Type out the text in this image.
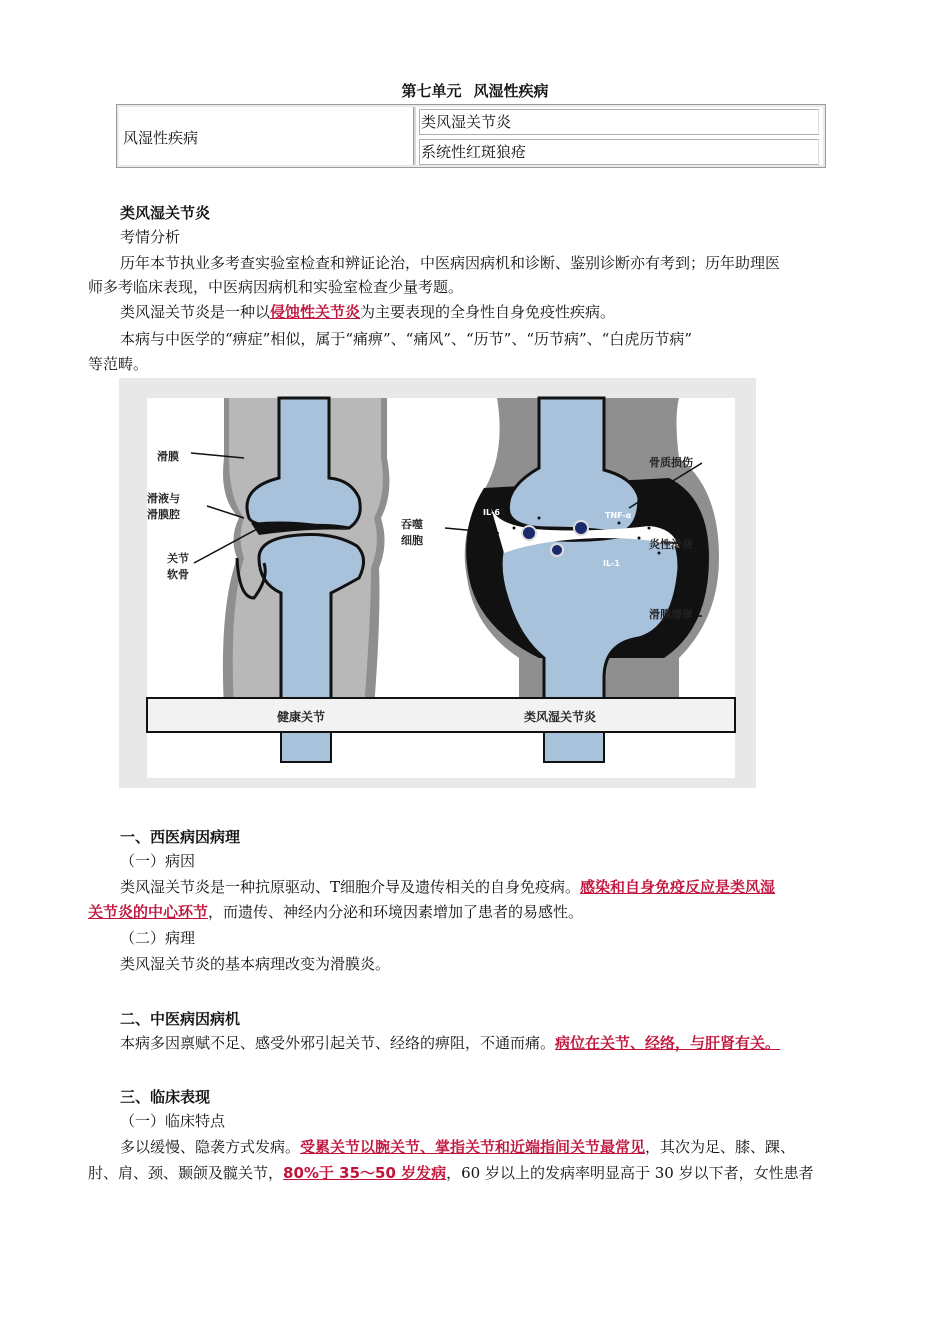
第七单元 风湿性疾病
风湿性疾病
类风湿关节炎
系统性红斑狼疮
类风湿关节炎
考情分析
历年本节执业多考查实验室检查和辨证论治，中医病因病机和诊断、鉴别诊断亦有考到；历年助理医
师多考临床表现，中医病因病机和实验室检查少量考题。
类风湿关节炎是一种以侵蚀性关节炎为主要表现的全身性自身免疫性疾病。
本病与中医学的“痹症”相似，属于“痛痹”、“痛风”、“历节”、“历节病”、“白虎历节病”
等范畴。
滑膜
滑液与
滑膜腔
关节
软骨
吞噬
细胞
骨质损伤
炎性滑液
滑膜增厚
IL-6	TNF-α
IL-1
健康关节	类风湿关节炎
一、西医病因病理
（一）病因
类风湿关节炎是一种抗原驱动、T细胞介导及遗传相关的自身免疫病。感染和自身免疫反应是类风湿
关节炎的中心环节，而遗传、神经内分泌和环境因素增加了患者的易感性。
（二）病理
类风湿关节炎的基本病理改变为滑膜炎。
二、中医病因病机
本病多因禀赋不足、感受外邪引起关节、经络的痹阻，不通而痛。病位在关节、经络，与肝肾有关。
三、临床表现
（一）临床特点
多以缓慢、隐袭方式发病。受累关节以腕关节、掌指关节和近端指间关节最常见，其次为足、膝、踝、
肘、肩、颈、颞颌及髋关节，80%于 35～50 岁发病，60 岁以上的发病率明显高于 30 岁以下者，女性患者
